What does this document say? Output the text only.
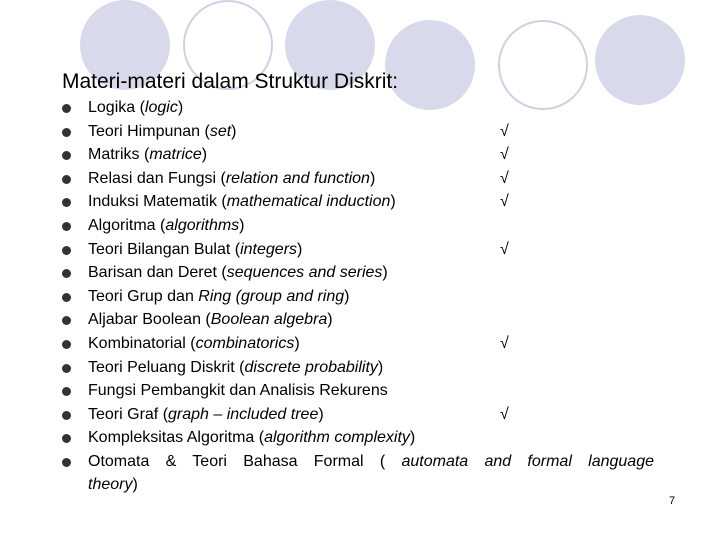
Materi-materi dalam Struktur Diskrit:
Logika (logic)
Teori Himpunan (set)	√
Matriks (matrice)	√
Relasi dan Fungsi (relation and function)	√
Induksi Matematik (mathematical induction)	√
Algoritma (algorithms)
Teori Bilangan Bulat (integers)	√
Barisan dan Deret (sequences and series)
Teori Grup dan Ring (group and ring)
Aljabar Boolean (Boolean algebra)
Kombinatorial (combinatorics)	√
Teori Peluang Diskrit (discrete probability)
Fungsi Pembangkit dan Analisis Rekurens
Teori Graf (graph – included tree)	√
Kompleksitas Algoritma (algorithm complexity)
Otomata & Teori Bahasa Formal ( automata and formal language
theory)
7
